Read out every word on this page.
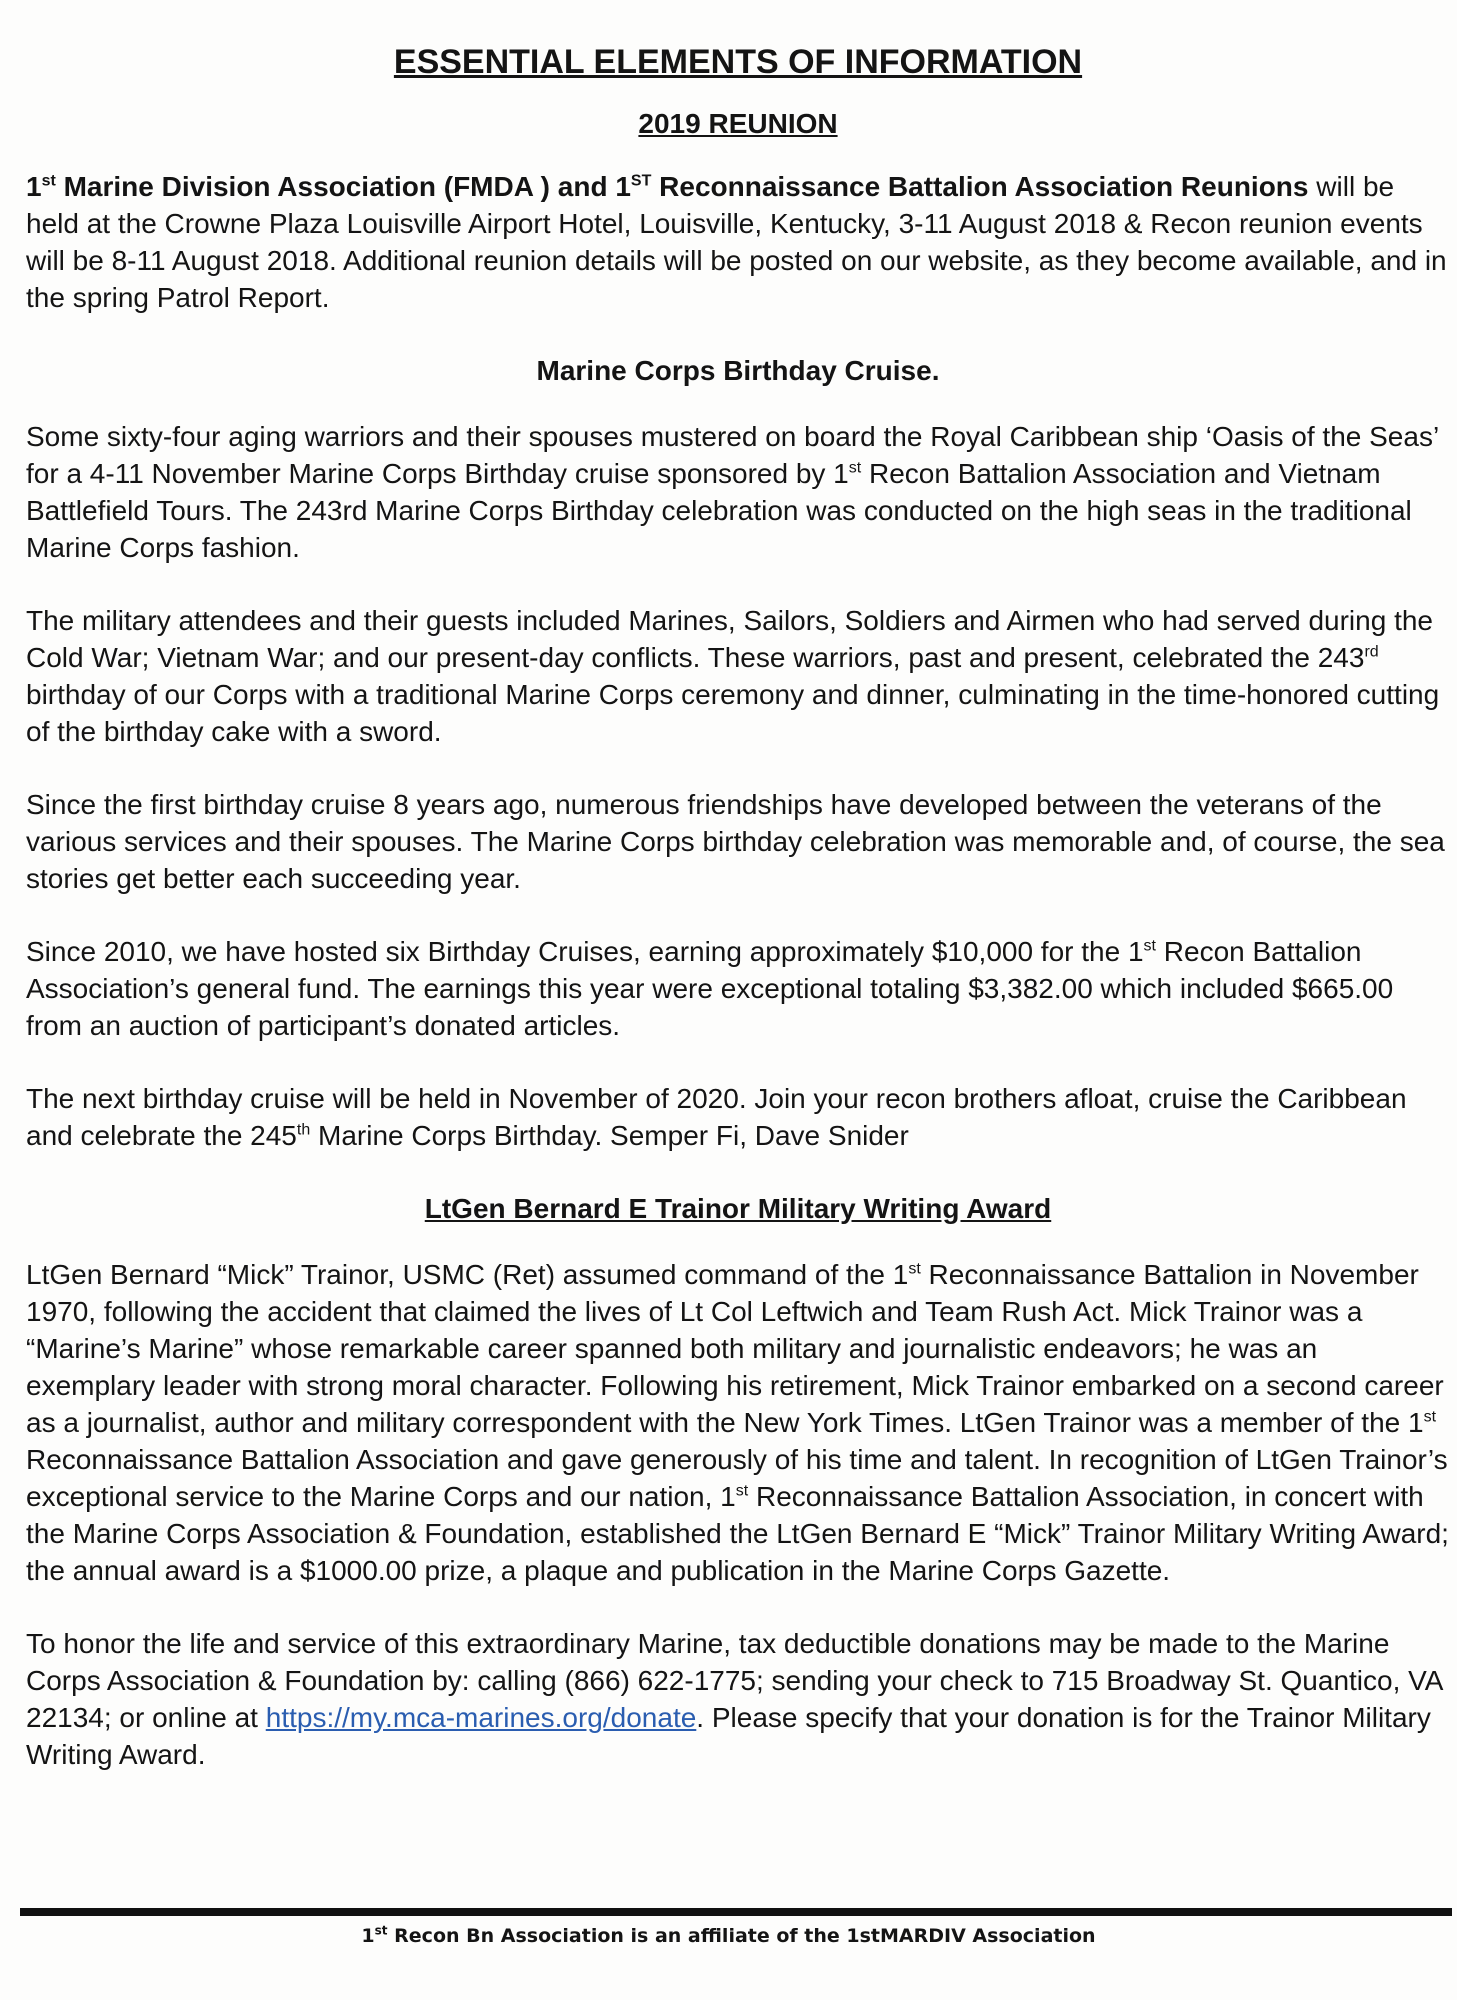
ESSENTIAL ELEMENTS OF INFORMATION
2019 REUNION

1st Marine Division Association (FMDA ) and 1ST Reconnaissance Battalion Association Reunions will be held at the Crowne Plaza Louisville Airport Hotel, Louisville, Kentucky, 3-11 August 2018 & Recon reunion events will be 8-11 August 2018. Additional reunion details will be posted on our website, as they become available, and in the spring Patrol Report.

Marine Corps Birthday Cruise.

Some sixty-four aging warriors and their spouses mustered on board the Royal Caribbean ship ‘Oasis of the Seas’ for a 4-11 November Marine Corps Birthday cruise sponsored by 1st Recon Battalion Association and Vietnam Battlefield Tours. The 243rd Marine Corps Birthday celebration was conducted on the high seas in the traditional Marine Corps fashion.

The military attendees and their guests included Marines, Sailors, Soldiers and Airmen who had served during the Cold War; Vietnam War; and our present-day conflicts. These warriors, past and present, celebrated the 243rd birthday of our Corps with a traditional Marine Corps ceremony and dinner, culminating in the time-honored cutting of the birthday cake with a sword.

Since the first birthday cruise 8 years ago, numerous friendships have developed between the veterans of the various services and their spouses. The Marine Corps birthday celebration was memorable and, of course, the sea stories get better each succeeding year.

Since 2010, we have hosted six Birthday Cruises, earning approximately $10,000 for the 1st Recon Battalion Association’s general fund. The earnings this year were exceptional totaling $3,382.00 which included $665.00 from an auction of participant’s donated articles.

The next birthday cruise will be held in November of 2020. Join your recon brothers afloat, cruise the Caribbean and celebrate the 245th Marine Corps Birthday. Semper Fi, Dave Snider

LtGen Bernard E Trainor Military Writing Award

LtGen Bernard “Mick” Trainor, USMC (Ret) assumed command of the 1st Reconnaissance Battalion in November 1970, following the accident that claimed the lives of Lt Col Leftwich and Team Rush Act. Mick Trainor was a “Marine’s Marine” whose remarkable career spanned both military and journalistic endeavors; he was an exemplary leader with strong moral character. Following his retirement, Mick Trainor embarked on a second career as a journalist, author and military correspondent with the New York Times. LtGen Trainor was a member of the 1st Reconnaissance Battalion Association and gave generously of his time and talent. In recognition of LtGen Trainor’s exceptional service to the Marine Corps and our nation, 1st Reconnaissance Battalion Association, in concert with the Marine Corps Association & Foundation, established the LtGen Bernard E “Mick” Trainor Military Writing Award; the annual award is a $1000.00 prize, a plaque and publication in the Marine Corps Gazette.

To honor the life and service of this extraordinary Marine, tax deductible donations may be made to the Marine Corps Association & Foundation by: calling (866) 622-1775; sending your check to 715 Broadway St. Quantico, VA 22134; or online at https://my.mca-marines.org/donate. Please specify that your donation is for the Trainor Military Writing Award.

1st Recon Bn Association is an affiliate of the 1stMARDIV Association
